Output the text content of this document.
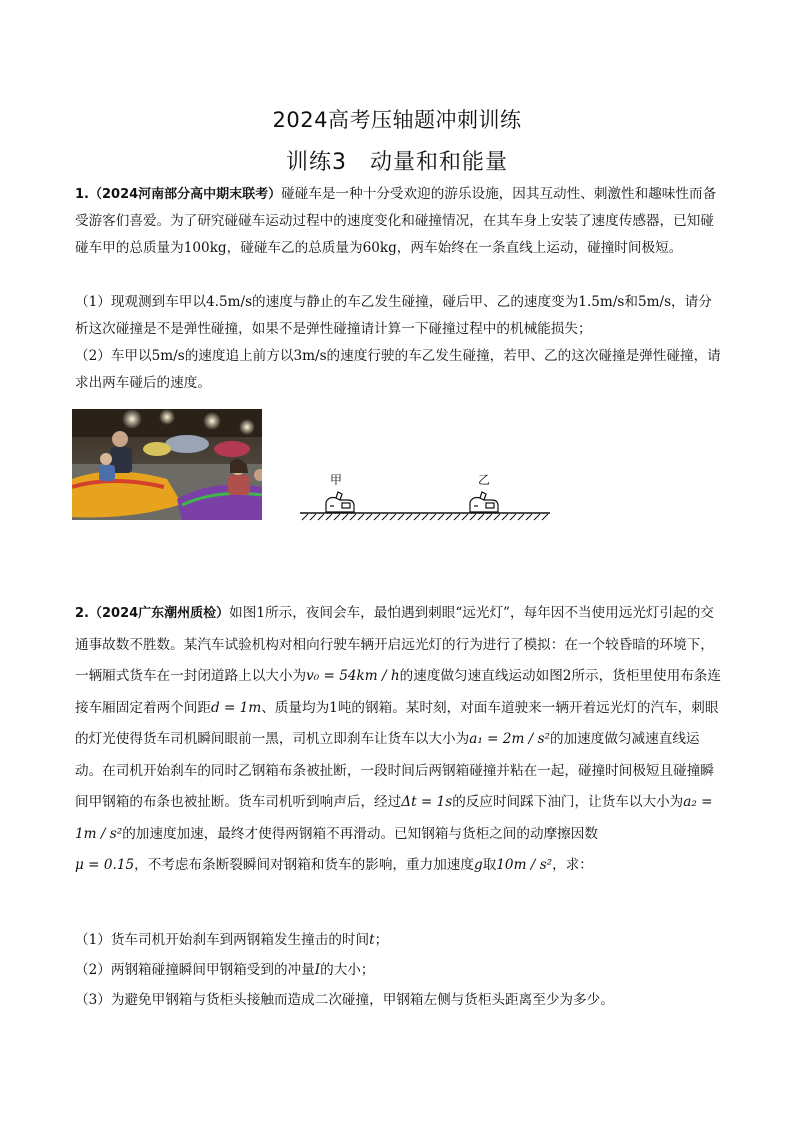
2024高考压轴题冲刺训练
训练3　动量和和能量
1.（2024河南部分高中期末联考）碰碰车是一种十分受欢迎的游乐设施，因其互动性、刺激性和趣味性而备受游客们喜爱。为了研究碰碰车运动过程中的速度变化和碰撞情况，在其车身上安装了速度传感器，已知碰碰车甲的总质量为100kg，碰碰车乙的总质量为60kg，两车始终在一条直线上运动，碰撞时间极短。
（1）现观测到车甲以4.5m/s的速度与静止的车乙发生碰撞，碰后甲、乙的速度变为1.5m/s和5m/s，请分析这次碰撞是不是弹性碰撞，如果不是弹性碰撞请计算一下碰撞过程中的机械能损失；
（2）车甲以5m/s的速度追上前方以3m/s的速度行驶的车乙发生碰撞，若甲、乙的这次碰撞是弹性碰撞，请求出两车碰后的速度。
甲	乙
2.（2024广东潮州质检）如图1所示，夜间会车，最怕遇到刺眼“远光灯”，每年因不当使用远光灯引起的交通事故数不胜数。某汽车试验机构对相向行驶车辆开启远光灯的行为进行了模拟：在一个较昏暗的环境下，一辆厢式货车在一封闭道路上以大小为v₀ = 54km / h的速度做匀速直线运动如图2所示，货柜里使用布条连接车厢固定着两个间距d = 1m、质量均为1吨的钢箱。某时刻，对面车道驶来一辆开着远光灯的汽车，刺眼的灯光使得货车司机瞬间眼前一黑，司机立即刹车让货车以大小为a₁ = 2m / s²的加速度做匀减速直线运动。在司机开始刹车的同时乙钢箱布条被扯断，一段时间后两钢箱碰撞并粘在一起，碰撞时间极短且碰撞瞬间甲钢箱的布条也被扯断。货车司机听到响声后，经过Δt = 1s的反应时间踩下油门，让货车以大小为a₂ = 1m / s²的加速度加速，最终才使得两钢箱不再滑动。已知钢箱与货柜之间的动摩擦因数
μ = 0.15，不考虑布条断裂瞬间对钢箱和货车的影响，重力加速度g取10m / s²，求：
（1）货车司机开始刹车到两钢箱发生撞击的时间t；
（2）两钢箱碰撞瞬间甲钢箱受到的冲量I的大小；
（3）为避免甲钢箱与货柜头接触而造成二次碰撞，甲钢箱左侧与货柜头距离至少为多少。
